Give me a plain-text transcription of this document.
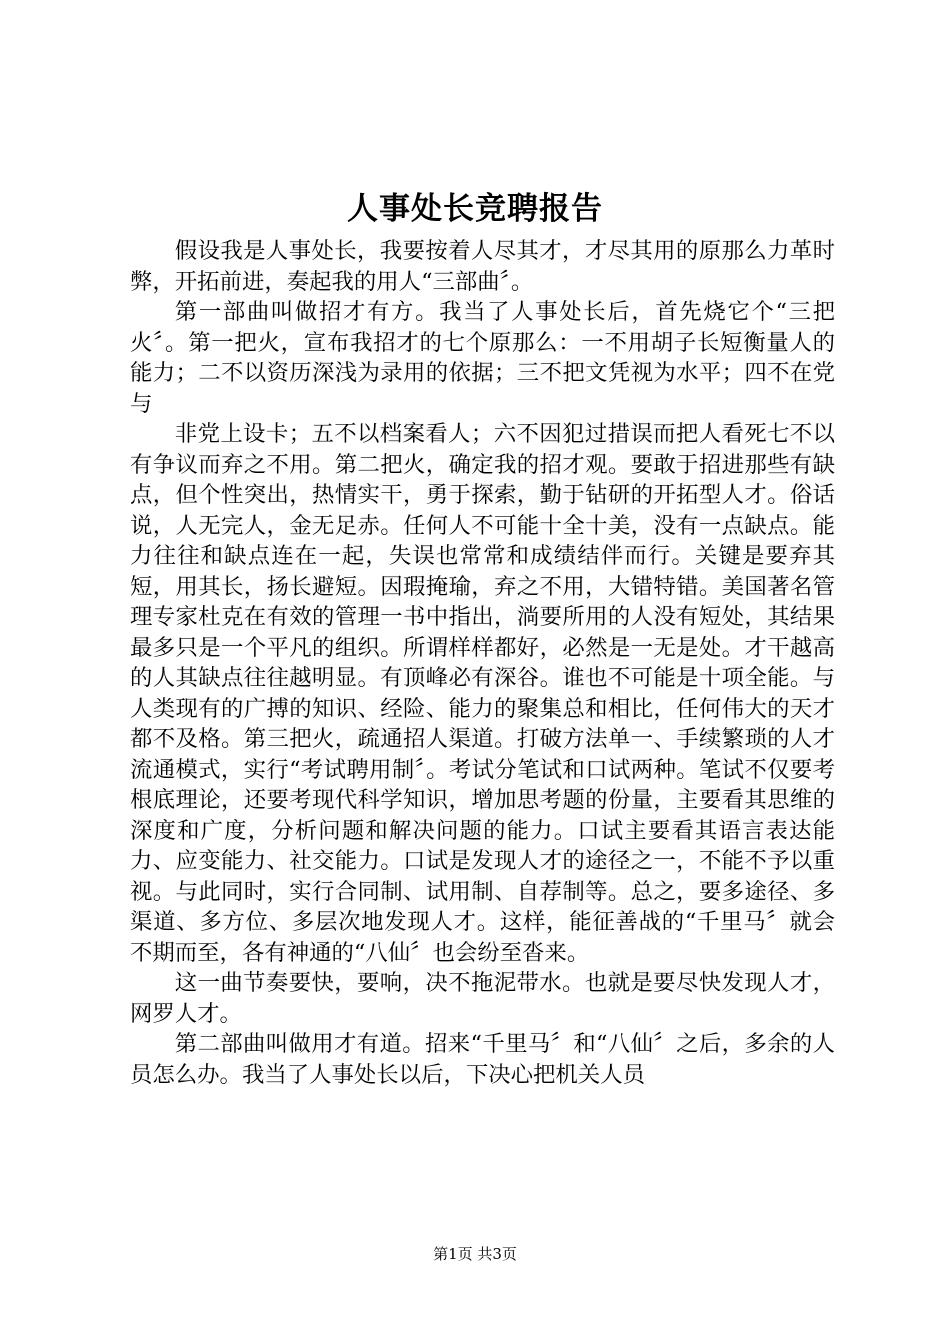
人事处长竞聘报告

假设我是人事处长，我要按着人尽其才，才尽其用的原那么力革时弊，开拓前进，奏起我的用人“三部曲〞。

第一部曲叫做招才有方。我当了人事处长后，首先烧它个“三把火〞。第一把火，宣布我招才的七个原那么：一不用胡子长短衡量人的能力；二不以资历深浅为录用的依据；三不把文凭视为水平；四不在党与

非党上设卡；五不以档案看人；六不因犯过措误而把人看死七不以有争议而弃之不用。第二把火，确定我的招才观。要敢于招进那些有缺点，但个性突出，热情实干，勇于探索，勤于钻研的开拓型人才。俗话说，人无完人，金无足赤。任何人不可能十全十美，没有一点缺点。能力往往和缺点连在一起，失误也常常和成绩结伴而行。关键是要弃其短，用其长，扬长避短。因瑕掩瑜，弃之不用，大错特错。美国著名管理专家杜克在有效的管理一书中指出，淌要所用的人没有短处，其结果最多只是一个平凡的组织。所谓样样都好，必然是一无是处。才干越高的人其缺点往往越明显。有顶峰必有深谷。谁也不可能是十项全能。与人类现有的广搏的知识、经险、能力的聚集总和相比，任何伟大的天才都不及格。第三把火，疏通招人渠道。打破方法单一、手续繁琐的人才流通模式，实行“考试聘用制〞。考试分笔试和口试两种。笔试不仅要考根底理论，还要考现代科学知识，增加思考题的份量，主要看其思维的深度和广度，分析问题和解决问题的能力。口试主要看其语言表达能力、应变能力、社交能力。口试是发现人才的途径之一，不能不予以重视。与此同时，实行合同制、试用制、自荐制等。总之，要多途径、多渠道、多方位、多层次地发现人才。这样，能征善战的“千里马〞就会不期而至，各有神通的“八仙〞也会纷至沓来。

这一曲节奏要快，要响，决不拖泥带水。也就是要尽快发现人才，网罗人才。

第二部曲叫做用才有道。招来“千里马〞和“八仙〞之后，多余的人员怎么办。我当了人事处长以后，下决心把机关人员

第1页 共3页
